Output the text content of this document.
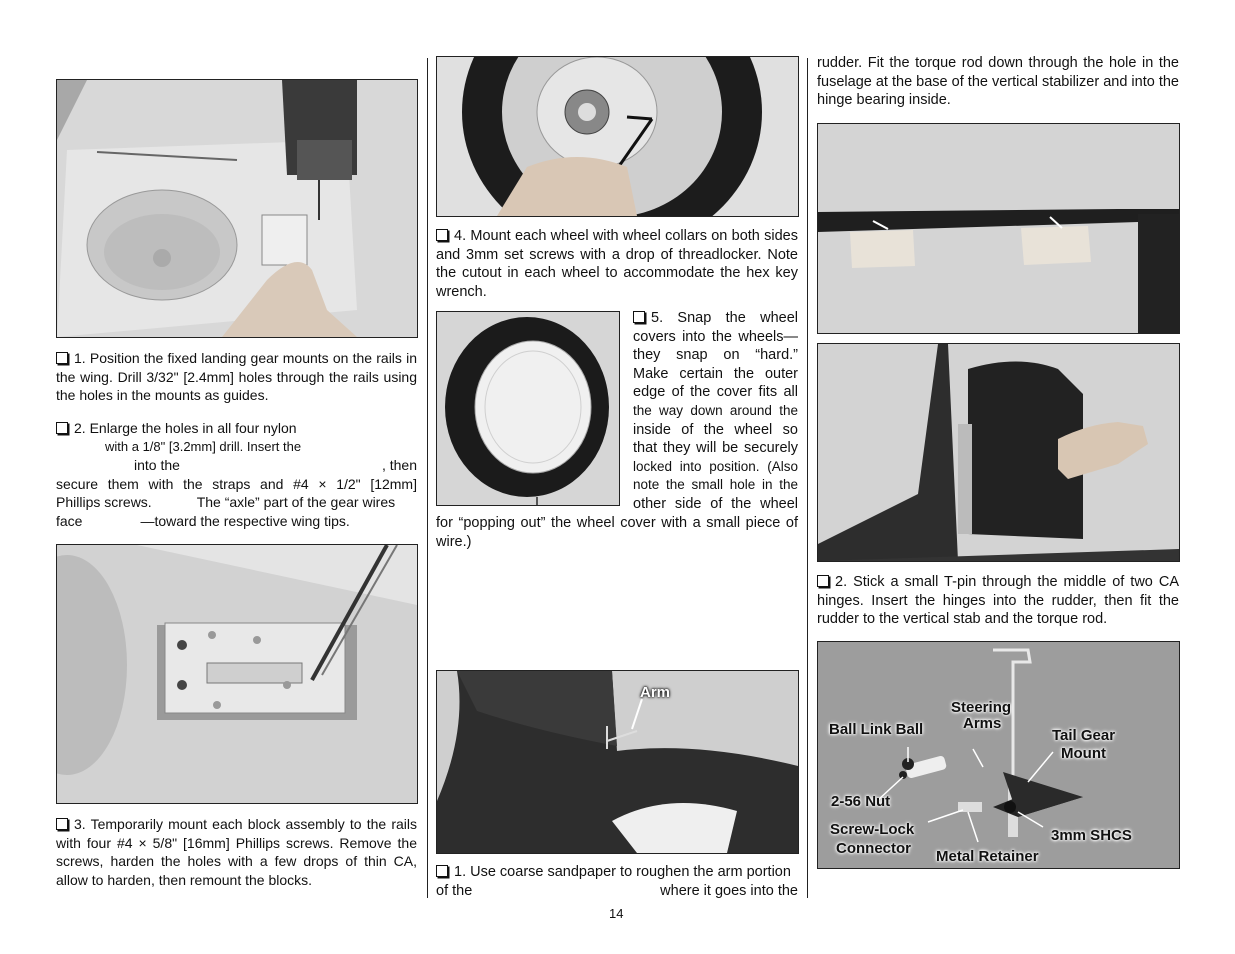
1. Position the fixed landing gear mounts on the rails in the wing. Drill 3/32" [2.4mm] holes through the rails using the holes in the mounts as guides.
2. Enlarge the holes in all four nylon
with a 1/8" [3.2mm] drill. Insert the
into the	, then
secure them with the straps and #4 × 1/2" [12mm]
Phillips screws.	The “axle” part of the gear wires
face	—toward the respective wing tips.
3. Temporarily mount each block assembly to the rails with four #4 × 5/8" [16mm] Phillips screws. Remove the screws, harden the holes with a few drops of thin CA, allow to harden, then remount the blocks.
4. Mount each wheel with wheel collars on both sides and 3mm set screws with a drop of threadlocker. Note the cutout in each wheel to accommodate the hex key wrench.
5. Snap the wheel
covers into the wheels—
they snap on “hard.”
Make certain the outer
edge of the cover fits all
the way down around the
inside of the wheel so
that they will be securely
locked into position. (Also
note the small hole in the
other side of the wheel
for “popping out” the wheel cover with a small piece of wire.)
Arm
1. Use coarse sandpaper to roughen the arm portion
of the	where it goes into the
rudder. Fit the torque rod down through the hole in the fuselage at the base of the vertical stabilizer and into the hinge bearing inside.
2. Stick a small T-pin through the middle of two CA hinges. Insert the hinges into the rudder, then fit the rudder to the vertical stab and the torque rod.
Ball Link Ball
Steering
Arms
Tail Gear
Mount
2-56 Nut
Screw-Lock
Connector
3mm SHCS
Metal Retainer
14
